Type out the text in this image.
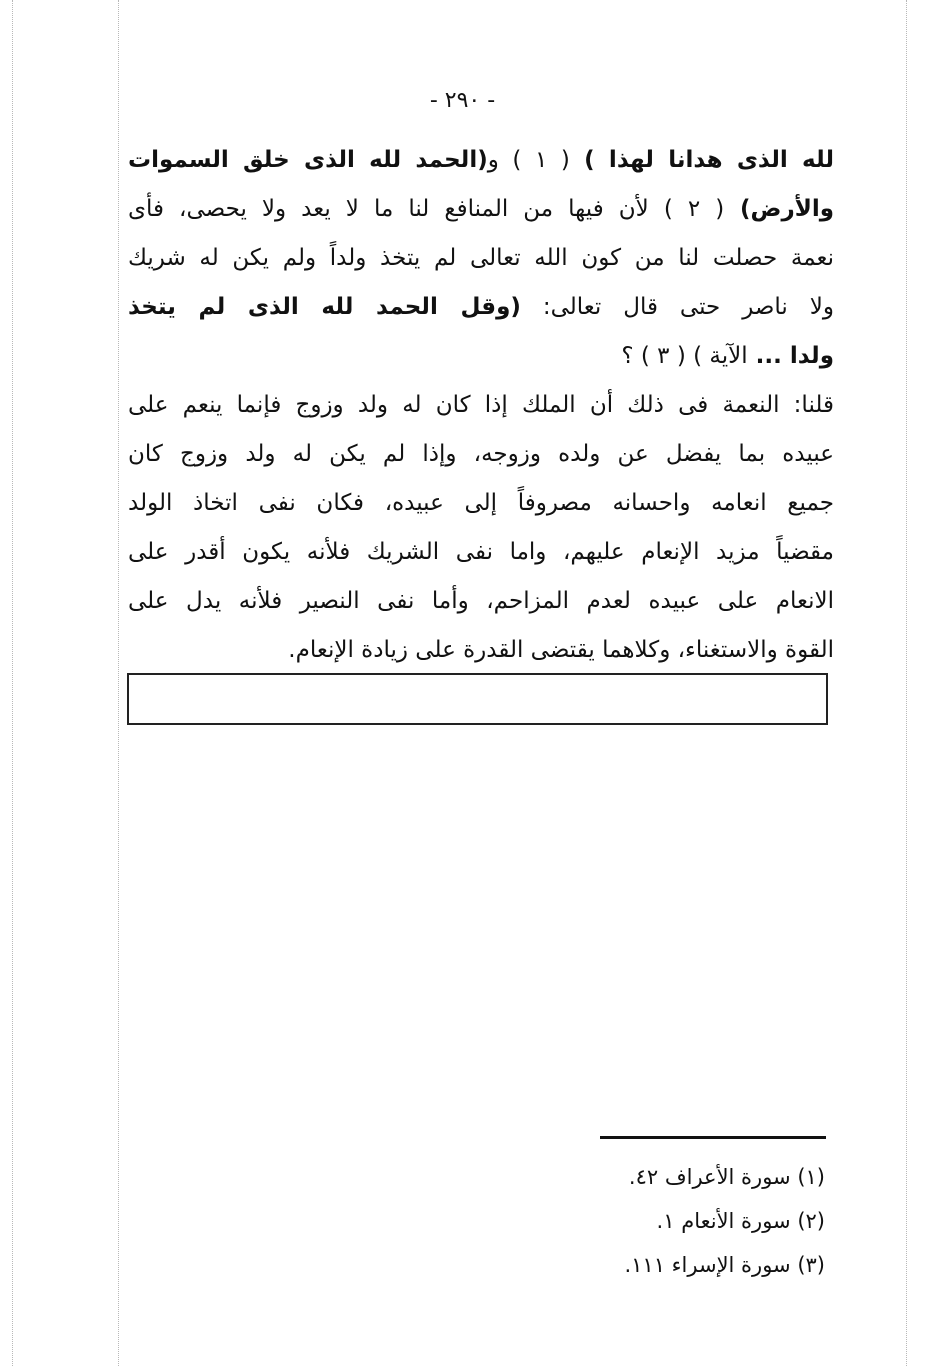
- ٢٩٠ -
لله الذى هدانا لهذا ) ( ١ ) و(الحمد لله الذى خلق السموات
والأرض) ( ٢ ) لأن فيها من المنافع لنا ما لا يعد ولا يحصى، فأى
نعمة حصلت لنا من كون الله تعالى لم يتخذ ولداً ولم يكن له شريك
ولا ناصر حتى قال تعالى: (وقل الحمد لله الذى لم يتخذ
ولدا ... الآية ) ( ٣ ) ؟
قلنا: النعمة فى ذلك أن الملك إذا كان له ولد وزوج فإنما ينعم على
عبيده بما يفضل عن ولده وزوجه، وإذا لم يكن له ولد وزوج كان
جميع انعامه واحسانه مصروفاً إلى عبيده، فكان نفى اتخاذ الولد
مقضياً مزيد الإنعام عليهم، واما نفى الشريك فلأنه يكون أقدر على
الانعام على عبيده لعدم المزاحم، وأما نفى النصير فلأنه يدل على
القوة والاستغناء، وكلاهما يقتضى القدرة على زيادة الإنعام.
(١) سورة الأعراف ٤٢.
(٢) سورة الأنعام ١.
(٣) سورة الإسراء ١١١.
